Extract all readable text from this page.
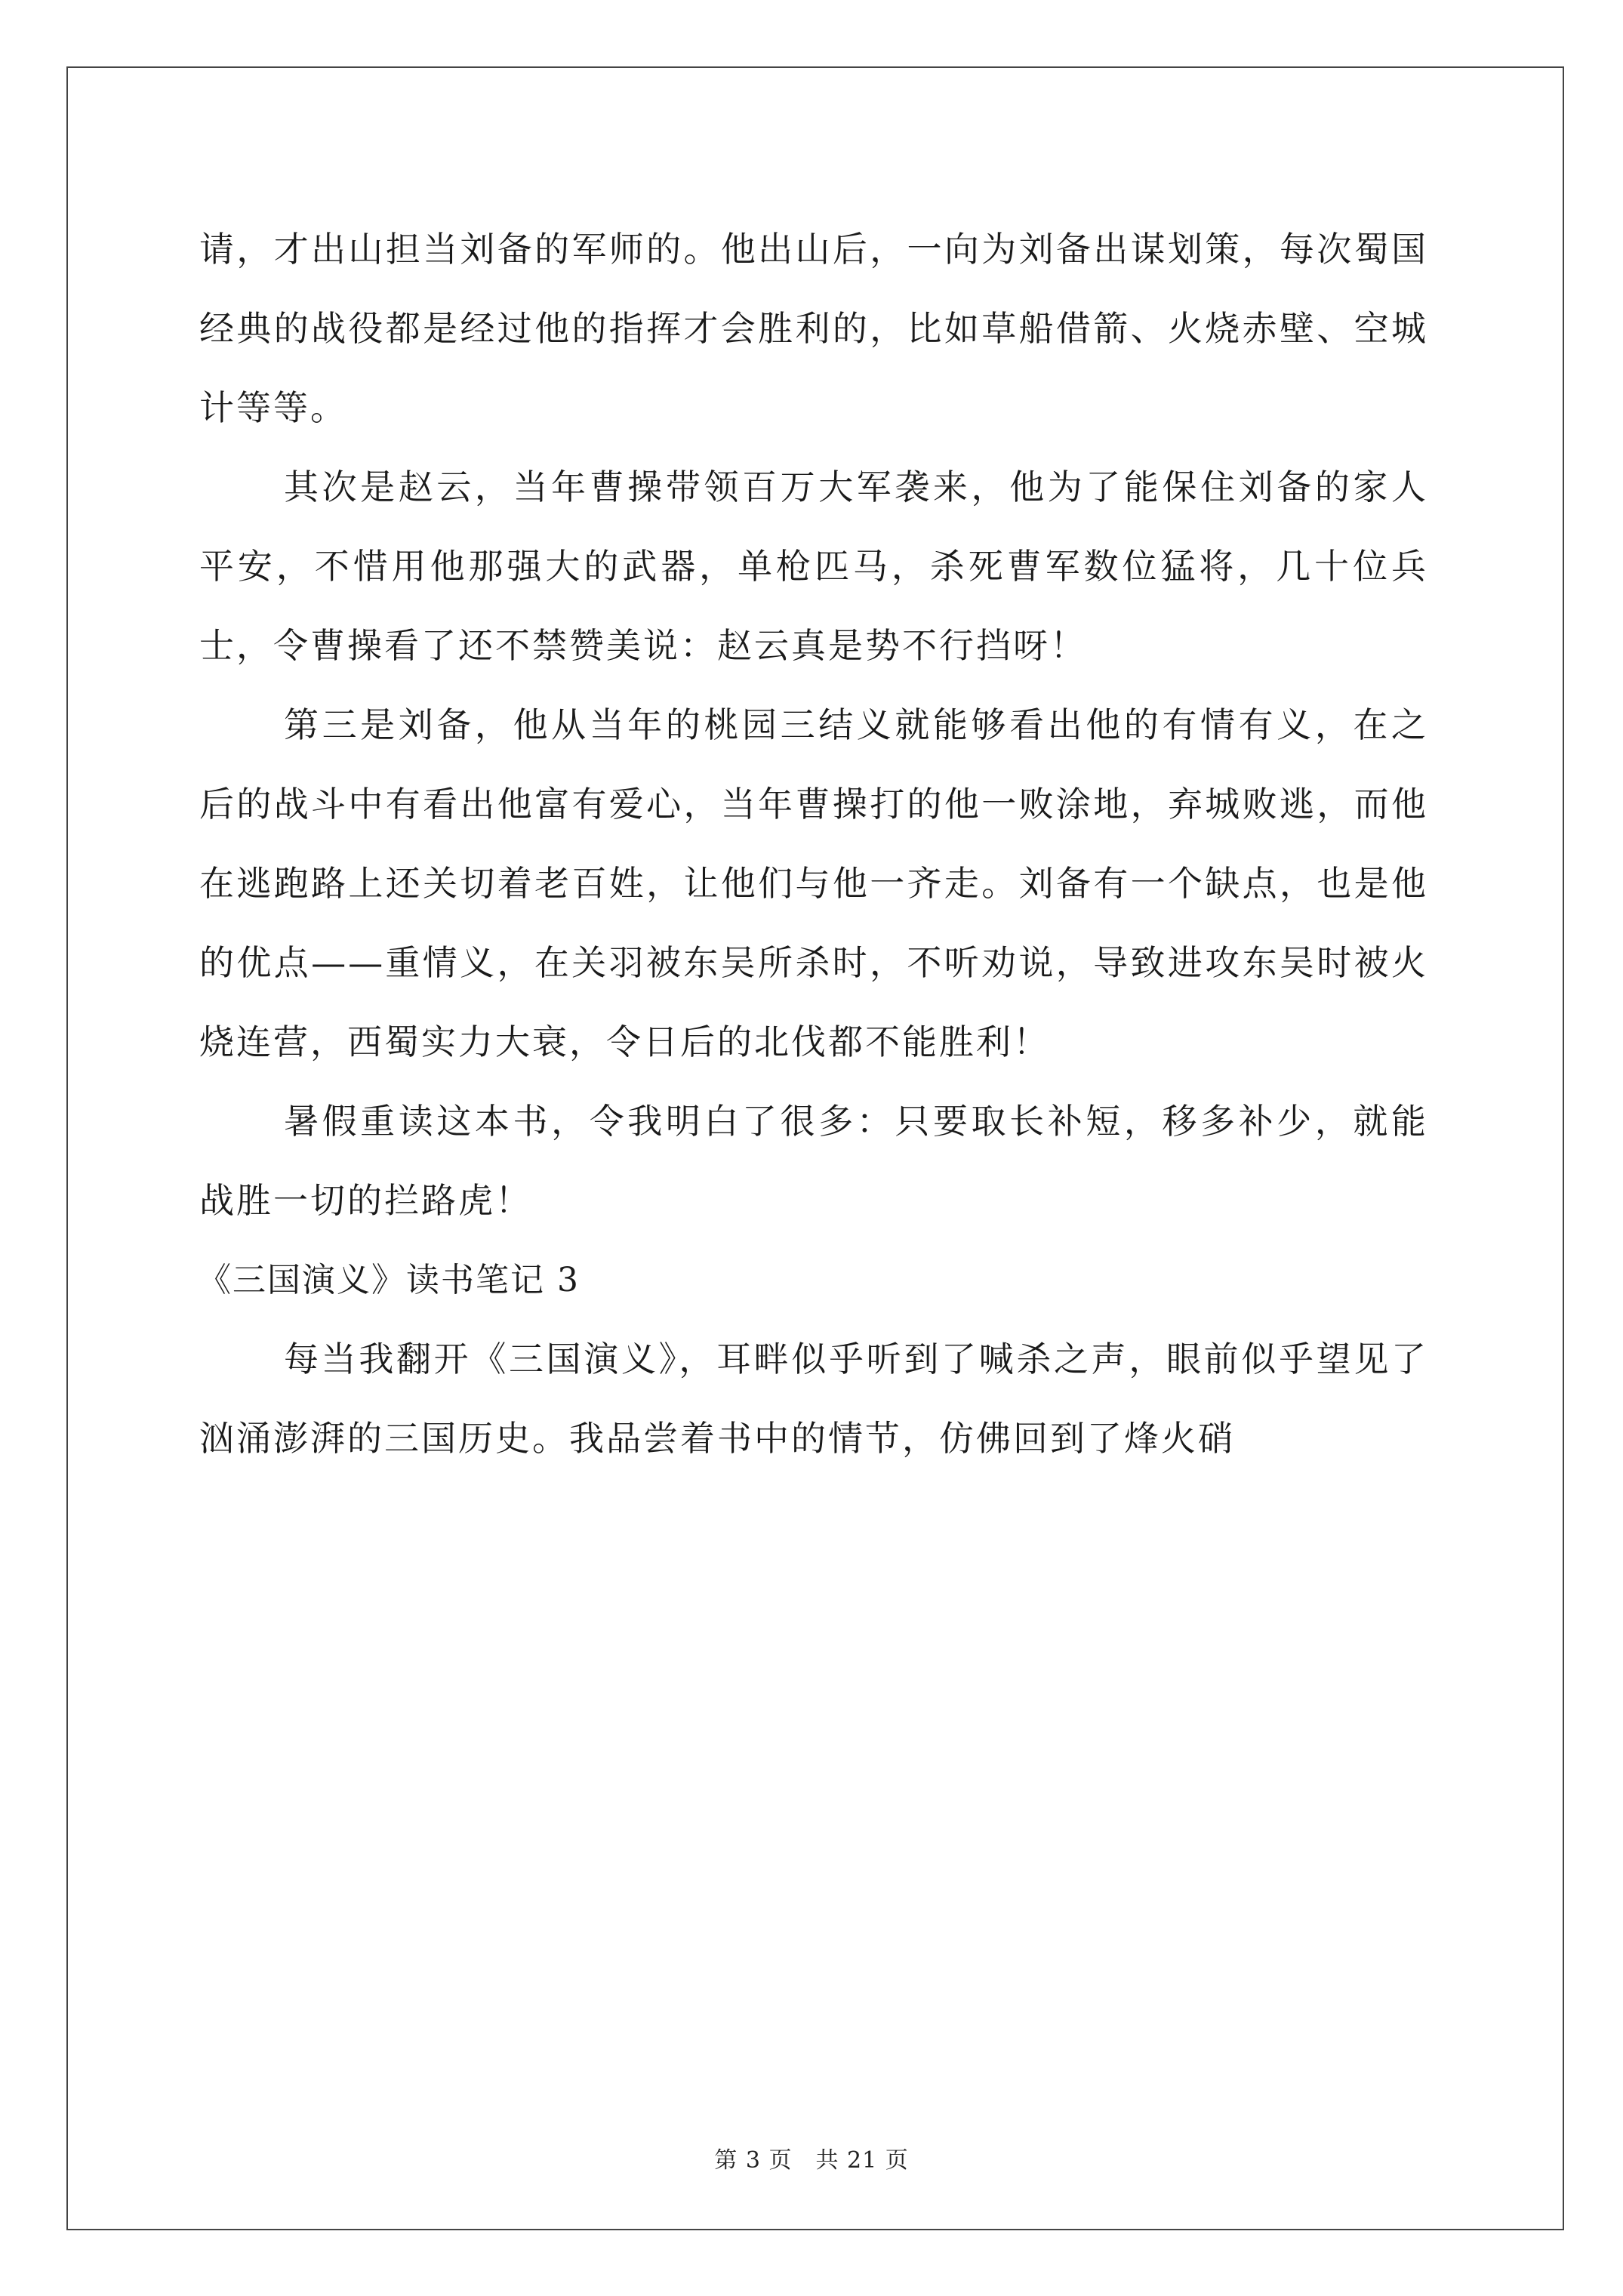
请，才出山担当刘备的军师的。他出山后，一向为刘备出谋划策，每次蜀国经典的战役都是经过他的指挥才会胜利的，比如草船借箭、火烧赤壁、空城计等等。

其次是赵云，当年曹操带领百万大军袭来，他为了能保住刘备的家人平安，不惜用他那强大的武器，单枪匹马，杀死曹军数位猛将，几十位兵士，令曹操看了还不禁赞美说：赵云真是势不行挡呀！

第三是刘备，他从当年的桃园三结义就能够看出他的有情有义，在之后的战斗中有看出他富有爱心，当年曹操打的他一败涂地，弃城败逃，而他在逃跑路上还关切着老百姓，让他们与他一齐走。刘备有一个缺点，也是他的优点——重情义，在关羽被东吴所杀时，不听劝说，导致进攻东吴时被火烧连营，西蜀实力大衰，令日后的北伐都不能胜利！

暑假重读这本书，令我明白了很多：只要取长补短，移多补少，就能战胜一切的拦路虎！

《三国演义》读书笔记 3

每当我翻开《三国演义》，耳畔似乎听到了喊杀之声，眼前似乎望见了汹涌澎湃的三国历史。我品尝着书中的情节，仿佛回到了烽火硝

第 3 页　共 21 页
